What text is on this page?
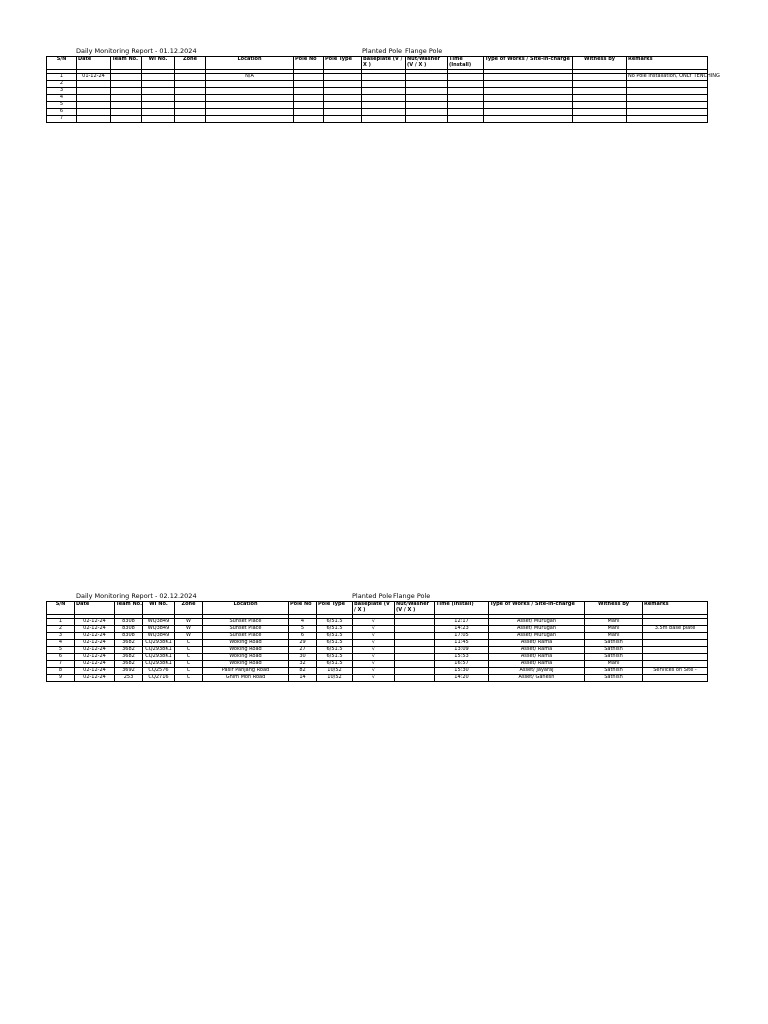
Daily Monitoring Report - 01.12.2024	Planted Pole Flange Pole
S/N	Date	Team No.	WI No.	Zone	Location	Pole No	Pole Type	Baseplate (V / X )	Nut/Washer (V / X )	Time (Install)	Type of Works / Site-in-charge	Witness by	Remarks

1	01-12-24				N/A								No Pole installation, ONLY TENCHING
2													
3													
4													
5													
6													
7													
Daily Monitoring Report - 02.12.2024	Planted Pole Flange Pole
S/N	Date	Team No.	WI No.	Zone	Location	Pole No	Pole Type	Baseplate (V / X )	Nut/Washer (V / X )	Time (Install)	Type of Works / Site-in-charge	Witness by	Remarks

1	02-12-24	8308	WQ3849	W	Sunset Place	4	6/51.5	√		12:17	Asset/ Murugan	Mani	
2	02-12-24	8308	WQ3849	W	Sunset Place	5	6/51.5	√		14:23	Asset/ Murugan	Mani	3.5m base plate
3	02-12-24	8308	WQ3849	W	Sunset Place	6	6/51.5	√		17:05	Asset/ Murugan	Mani	
4	02-12-24	3682	CQ2938K1	C	Woking Road	29	6/51.5	√		11:45	Asset/ Rama	Sathish	
5	02-12-24	3682	CQ2938K1	C	Woking Road	27	6/51.5	√		13:09	Asset/ Rama	Sathish	
6	02-12-24	3682	CQ2938K1	C	Woking Road	30	6/51.5	√		15:53	Asset/ Rama	Sathish	
7	02-12-24	3682	CQ2938K1	C	Woking Road	32	6/51.5	√		16:57	Asset/ Rama	Mani	
8	02-12-24	3692	CQ2576	C	Pasir Panjang Road	82	10/52	√		15:30	Asset/ Jayaraj	Sathish	Services on Site -
9	02-12-24	253	CQ2716	C	Ghim Moh Road	14	10/52	√		14:20	Asset/ Ganesh	Sathish	
